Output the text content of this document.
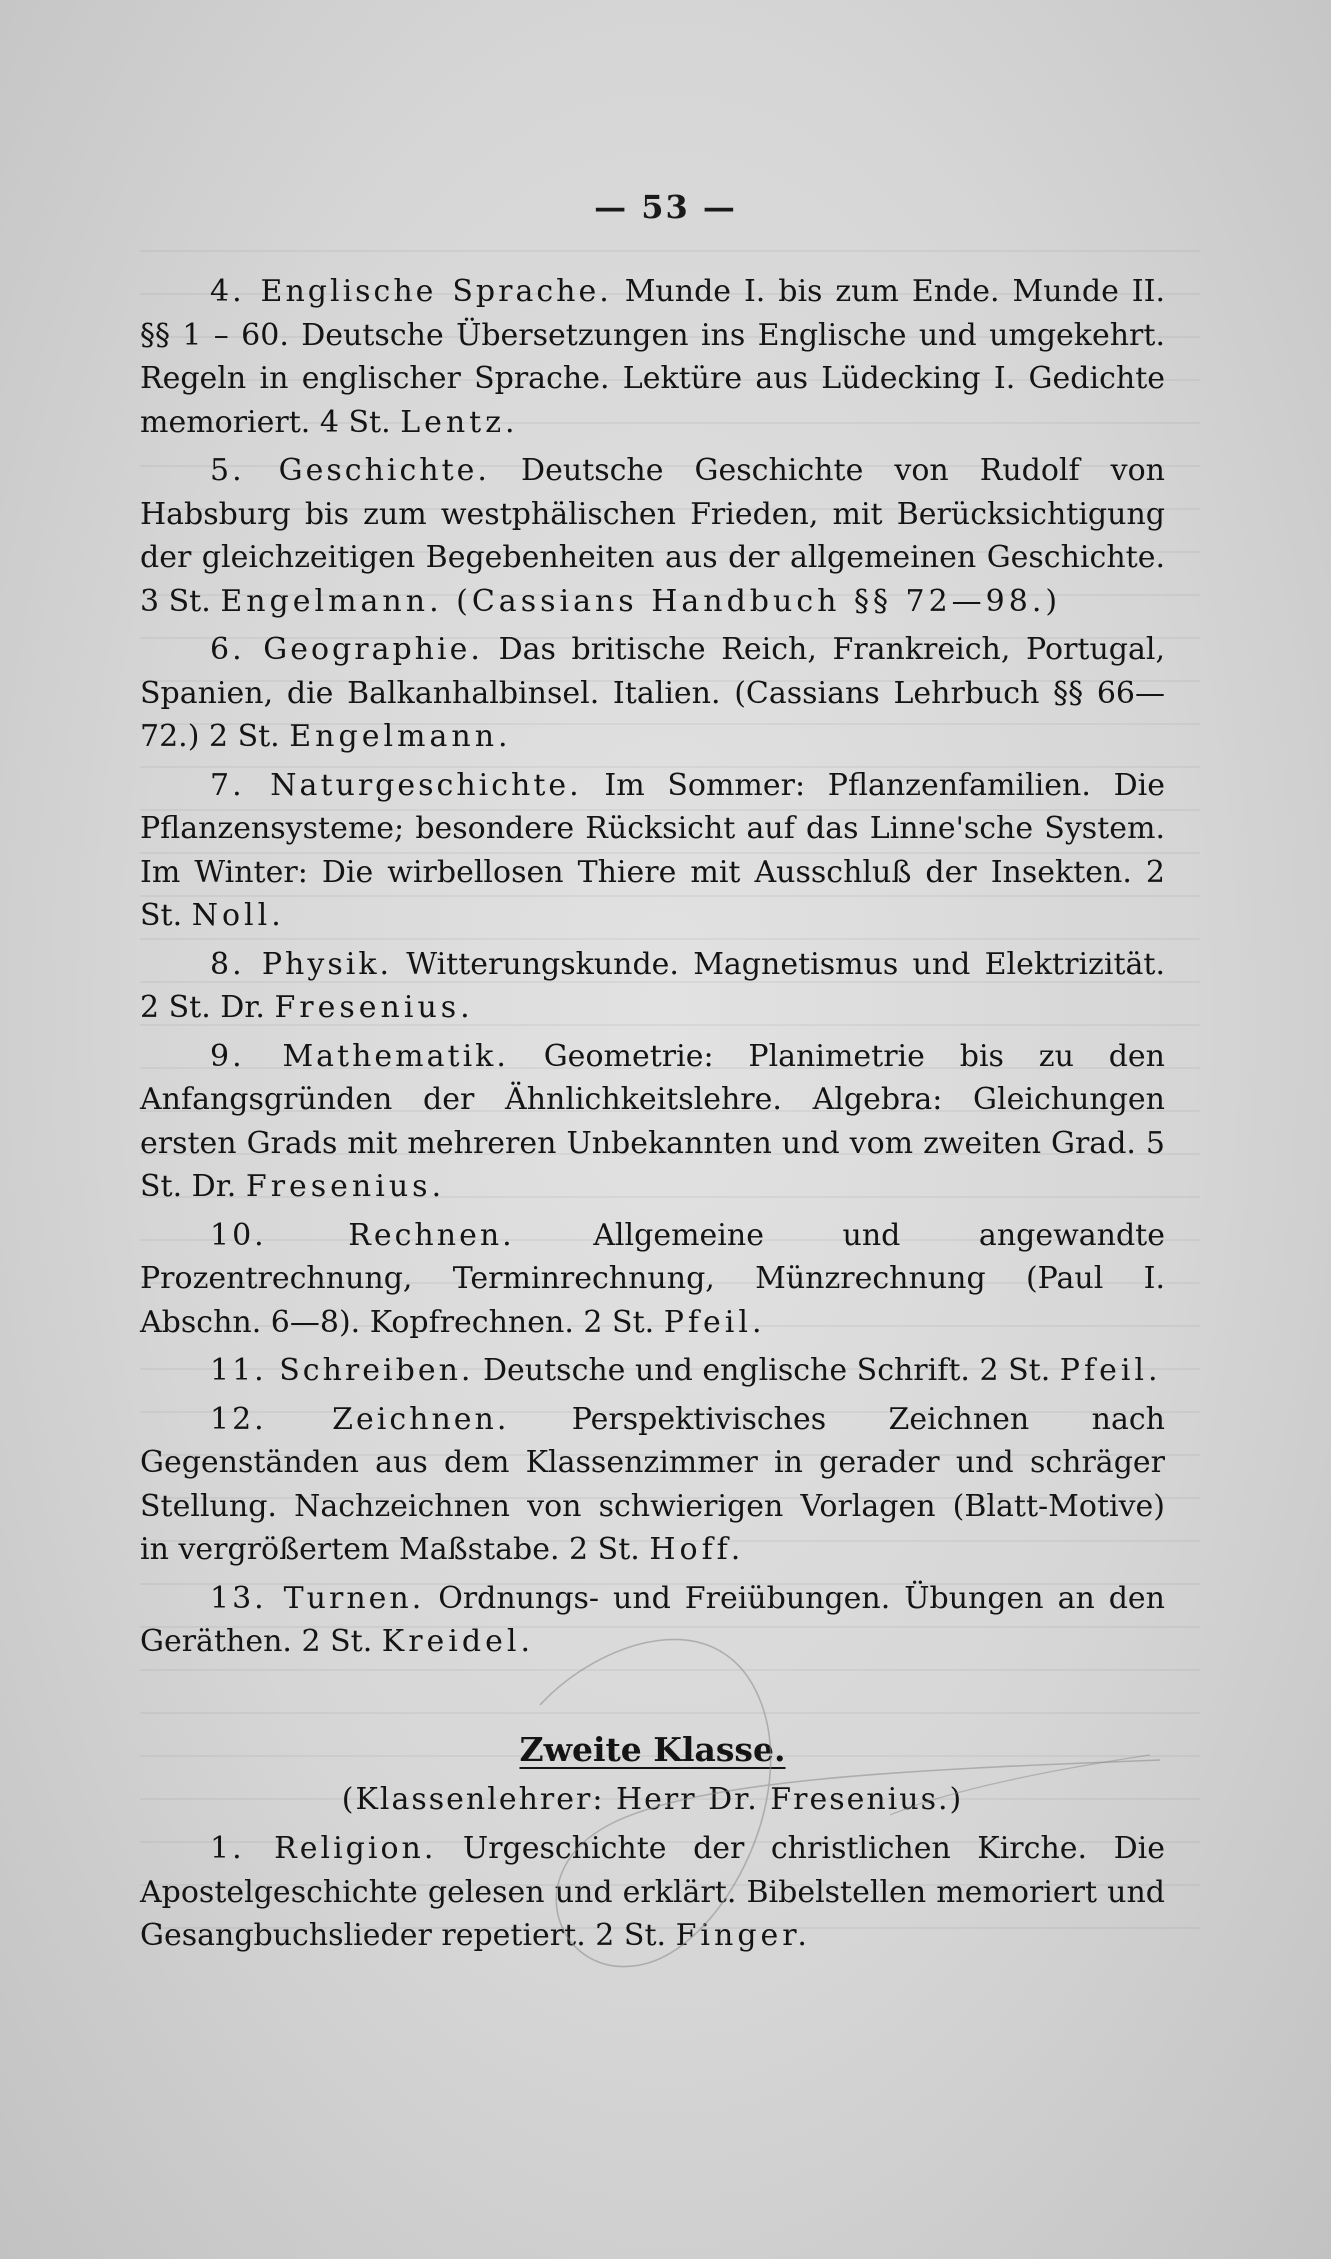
— 53 —

4. Englische Sprache. Munde I. bis zum Ende. Munde II. §§ 1 – 60. Deutsche Übersetzungen ins Englische und umgekehrt. Regeln in englischer Sprache. Lektüre aus Lüdecking I. Gedichte memoriert. 4 St. Lentz.

5. Geschichte. Deutsche Geschichte von Rudolf von Habsburg bis zum westphälischen Frieden, mit Berücksichtigung der gleichzeitigen Begebenheiten aus der allgemeinen Geschichte. 3 St. Engelmann. (Cassians Handbuch §§ 72—98.)

6. Geographie. Das britische Reich, Frankreich, Portugal, Spanien, die Balkanhalbinsel. Italien. (Cassians Lehrbuch §§ 66—72.) 2 St. Engelmann.

7. Naturgeschichte. Im Sommer: Pflanzenfamilien. Die Pflanzensysteme; besondere Rücksicht auf das Linne'sche System. Im Winter: Die wirbellosen Thiere mit Ausschluß der Insekten. 2 St. Noll.

8. Physik. Witterungskunde. Magnetismus und Elektrizität. 2 St. Dr. Fresenius.

9. Mathematik. Geometrie: Planimetrie bis zu den Anfangsgründen der Ähnlichkeitslehre. Algebra: Gleichungen ersten Grads mit mehreren Unbekannten und vom zweiten Grad. 5 St. Dr. Fresenius.

10. Rechnen.	Allgemeine und angewandte Prozentrechnung, Terminrechnung, Münzrechnung (Paul I. Abschn. 6—8). Kopfrechnen. 2 St. Pfeil.

11. Schreiben. Deutsche und englische Schrift. 2 St. Pfeil.

12. Zeichnen. Perspektivisches Zeichnen nach Gegenständen aus dem Klassenzimmer in gerader und schräger Stellung. Nachzeichnen von schwierigen Vorlagen (Blatt-Motive) in vergrößertem Maßstabe. 2 St. Hoff.

13. Turnen. Ordnungs- und Freiübungen. Übungen an den Geräthen. 2 St. Kreidel.

Zweite Klasse.
(Klassenlehrer: Herr Dr. Fresenius.)

1. Religion. Urgeschichte der christlichen Kirche. Die Apostelgeschichte gelesen und erklärt. Bibelstellen memoriert und Gesangbuchslieder repetiert. 2 St. Finger.
